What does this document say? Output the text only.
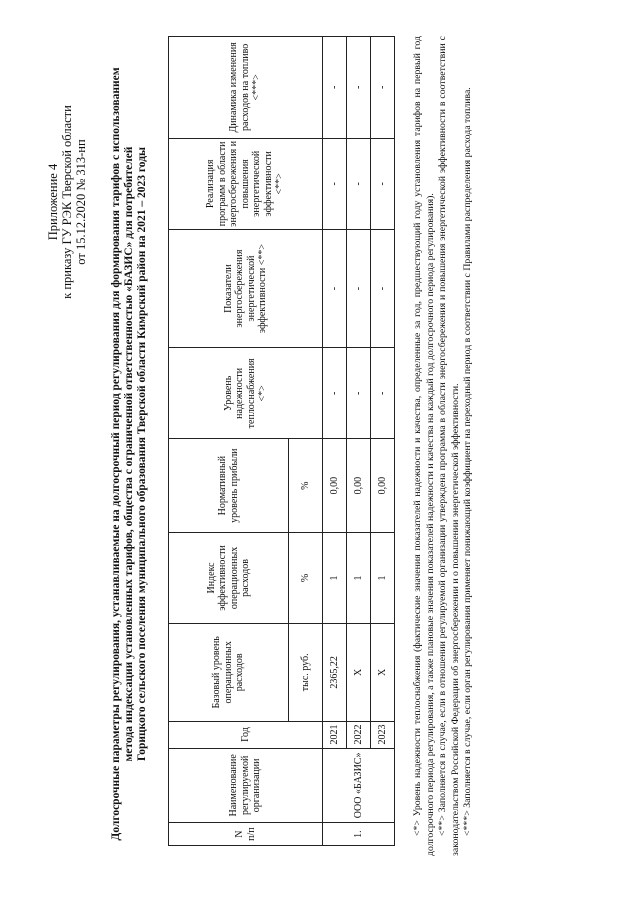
Приложение 4 к приказу ГУ РЭК Тверской области от 15.12.2020 № 313-нп Долгосрочные параметры регулирования, устанавливаемые на долгосрочный период регулирования для формирования тарифов с использованием метода индексации установленных тарифов, общества с ограниченной ответственностью «БАЗИС» для потребителей Горицкого сельского поселения муниципального образования Тверской области Кимрский район на 2021 – 2023 годы
N п/п	Наименование регулируемой организации	Год	Базовый уровень операционных расходов	Индекс эффективности операционных расходов	Нормативный уровень прибыли	Уровень надежности теплоснабжения <*>	Показатели энергосбережения энергетической эффективности <**>	Реализация программ в области энергосбережения и повышения энергетической эффективности <**>	Динамика изменения расходов на топливо <***>
			тыс. руб.	%	%				
1.	ООО «БАЗИС»	2021	2365,22	1	0,00	-	-	-	-
		2022	X	1	0,00	-	-	-	-
		2023	X	1	0,00	-	-	-	- <*> Уровень надежности теплоснабжения (фактические значения показателей надежности и качества, определенные за год, предшествующий году установления тарифов на первый год долгосрочного периода регулирования, а также плановые значения показателей надежности и качества на каждый год долгосрочного периода регулирования). <**> Заполняется в случае, если в отношении регулируемой организации утверждена программа в области энергосбережения и повышения энергетической эффективности в соответствии с законодательством Российской Федерации об энергосбережении и о повышении энергетической эффективности. <***> Заполняется в случае, если орган регулирования применяет понижающий коэффициент на переходный период в соответствии с Правилами распределения расхода топлива.
